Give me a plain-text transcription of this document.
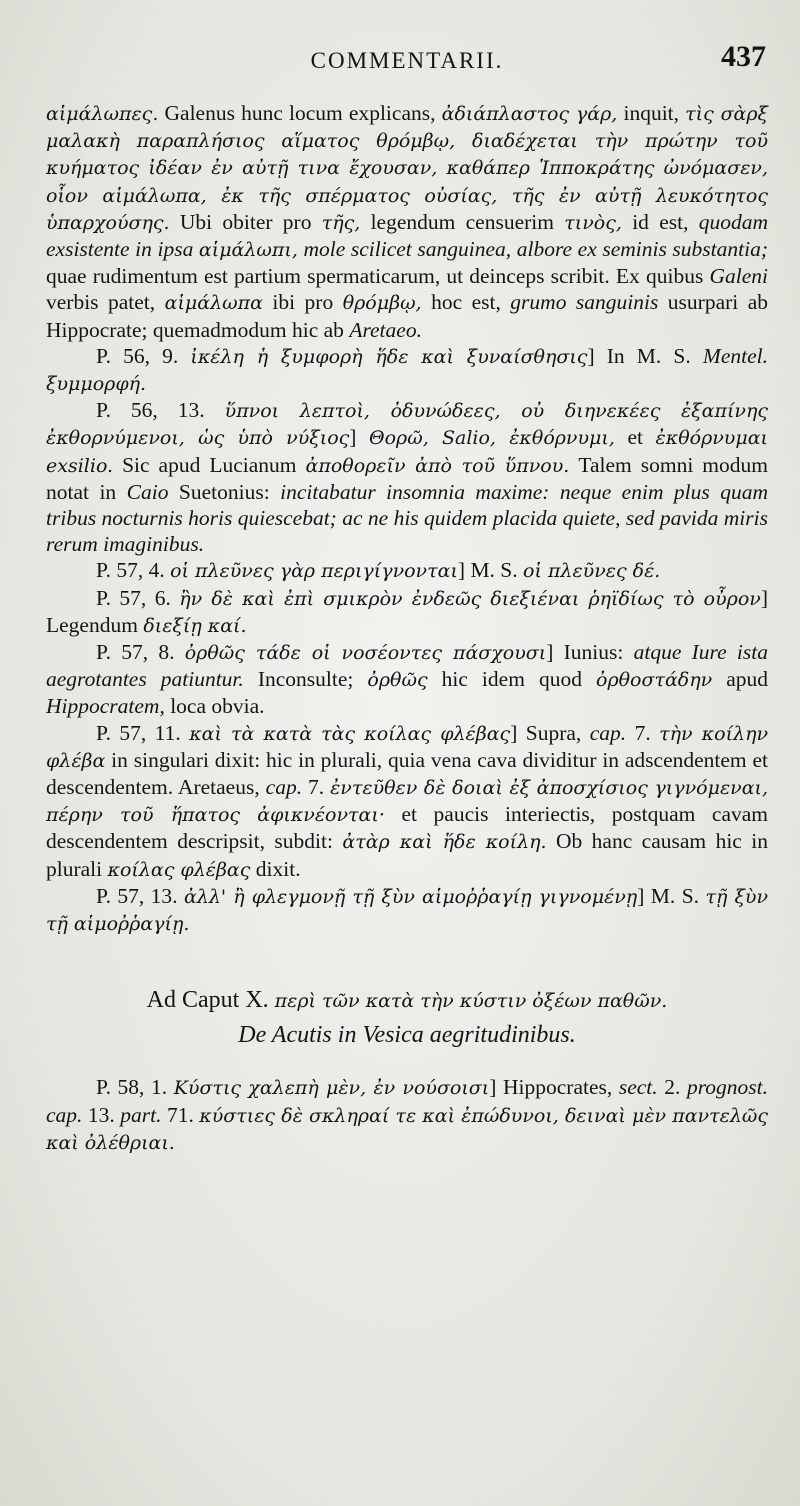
COMMENTARII.	437

αἱμάλωπες. Galenus hunc locum explicans, ἀδιάπλαστος γάρ, inquit, τὶς σὰρξ μαλακὴ παραπλήσιος αἵματος θρόμβῳ, διαδέχεται τὴν πρώτην τοῦ κυήματος ἰδέαν ἐν αὐτῇ τινα ἔχουσαν, καθάπερ Ἱπποκράτης ὠνόμασεν, οἷον αἱμάλωπα, ἐκ τῆς σπέρματος οὐσίας, τῆς ἐν αὐτῇ λευκότητος ὑπαρχούσης. Ubi obiter pro τῆς, legendum censuerim τινὸς, id est, quodam exsistente in ipsa αἱμάλωπι, mole scilicet sanguinea, albore ex seminis substantia; quae rudimentum est partium spermaticarum, ut deinceps scribit. Ex quibus Galeni verbis patet, αἱμάλωπα ibi pro θρόμβῳ, hoc est, grumo sanguinis usurpari ab Hippocrate; quemadmodum hic ab Aretaeo.

P. 56, 9. ἰκέλη ἡ ξυμφορὴ ἥδε καὶ ξυναίσθησις] In M. S. Mentel. ξυμμορφή.

P. 56, 13. ὕπνοι λεπτοὶ, ὀδυνώδεες, οὐ διηνεκέες ἐξαπίνης ἐκθορνύμενοι, ὡς ὑπὸ νύξιος] Θορῶ, Salio, ἐκθόρνυμι, et ἐκθόρνυμαι exsilio. Sic apud Lucianum ἀποθορεῖν ἀπὸ τοῦ ὕπνου. Talem somni modum notat in Caio Suetonius: incitabatur insomnia maxime: neque enim plus quam tribus nocturnis horis quiescebat; ac ne his quidem placida quiete, sed pavida miris rerum imaginibus.

P. 57, 4. οἱ πλεῦνες γὰρ περιγίγνονται] M. S. οἱ πλεῦνες δέ.

P. 57, 6. ἢν δὲ καὶ ἐπὶ σμικρὸν ἐνδεῶς διεξιέναι ῥηϊδίως τὸ οὖρον] Legendum διεξίῃ καί.

P. 57, 8. ὀρθῶς τάδε οἱ νοσέοντες πάσχουσι] Iunius: atque Iure ista aegrotantes patiuntur. Inconsulte; ὀρθῶς hic idem quod ὀρθοστάδην apud Hippocratem, loca obvia.

P. 57, 11. καὶ τὰ κατὰ τὰς κοίλας φλέβας] Supra, cap. 7. τὴν κοίλην φλέβα in singulari dixit: hic in plurali, quia vena cava dividitur in adscendentem et descendentem. Aretaeus, cap. 7. ἐντεῦθεν δὲ δοιαὶ ἐξ ἀποσχίσιος γιγνόμεναι, πέρην τοῦ ἥπατος ἀφικνέονται· et paucis interiectis, postquam cavam descendentem descripsit, subdit: ἀτὰρ καὶ ἥδε κοίλη. Ob hanc causam hic in plurali κοίλας φλέβας dixit.

P. 57, 13. ἀλλ' ἢ φλεγμονῇ τῇ ξὺν αἱμοῤῥαγίῃ γιγνομένῃ] M. S. τῇ ξὺν τῇ αἱμοῤῥαγίῃ.

Ad Caput X. περὶ τῶν κατὰ τὴν κύστιν ὀξέων παθῶν.
De Acutis in Vesica aegritudinibus.

P. 58, 1. Κύστις χαλεπὴ μὲν, ἐν νούσοισι] Hippocrates, sect. 2. prognost. cap. 13. part. 71. κύστιες δὲ σκληραί τε καὶ ἐπώδυνοι, δειναὶ μὲν παντελῶς καὶ ὀλέθριαι.
